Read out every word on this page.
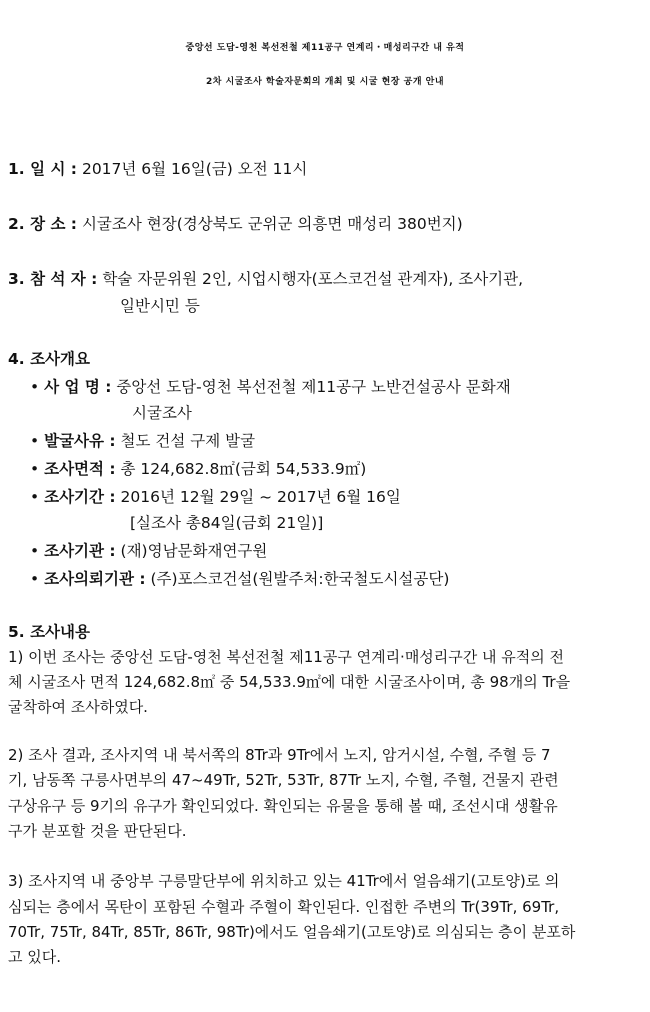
중앙선 도담-영천 복선전철 제11공구 연계리・매성리구간 내 유적
2차 시굴조사 학술자문회의 개최 및 시굴 현장 공개 안내
1. 일 시 : 2017년 6월 16일(금) 오전 11시
2. 장 소 : 시굴조사 현장(경상북도 군위군 의흥면 매성리 380번지)
3. 참 석 자 : 학술 자문위원 2인, 시업시행자(포스코건설 관계자), 조사기관,
일반시민 등
4. 조사개요
• 사 업 명 : 중앙선 도담-영천 복선전철 제11공구 노반건설공사 문화재
시굴조사
• 발굴사유 : 철도 건설 구제 발굴
• 조사면적 : 총 124,682.8㎡(금회 54,533.9㎡)
• 조사기간 : 2016년 12월 29일 ~ 2017년 6월 16일
[실조사 총84일(금회 21일)]
• 조사기관 : (재)영남문화재연구원
• 조사의뢰기관 : (주)포스코건설(원발주처:한국철도시설공단)
5. 조사내용
1) 이번 조사는 중앙선 도담-영천 복선전철 제11공구 연계리·매성리구간 내 유적의 전
체 시굴조사 면적 124,682.8㎡ 중 54,533.9㎡에 대한 시굴조사이며, 총 98개의 Tr을
굴착하여 조사하였다.
2) 조사 결과, 조사지역 내 북서쪽의 8Tr과 9Tr에서 노지, 암거시설, 수혈, 주혈 등 7
기, 남동쪽 구릉사면부의 47~49Tr, 52Tr, 53Tr, 87Tr 노지, 수혈, 주혈, 건물지 관련
구상유구 등 9기의 유구가 확인되었다. 확인되는 유물을 통해 볼 때, 조선시대 생활유
구가 분포할 것을 판단된다.
3) 조사지역 내 중앙부 구릉말단부에 위치하고 있는 41Tr에서 얼음쇄기(고토양)로 의
심되는 층에서 목탄이 포함된 수혈과 주혈이 확인된다. 인접한 주변의 Tr(39Tr, 69Tr,
70Tr, 75Tr, 84Tr, 85Tr, 86Tr, 98Tr)에서도 얼음쇄기(고토양)로 의심되는 층이 분포하
고 있다.
